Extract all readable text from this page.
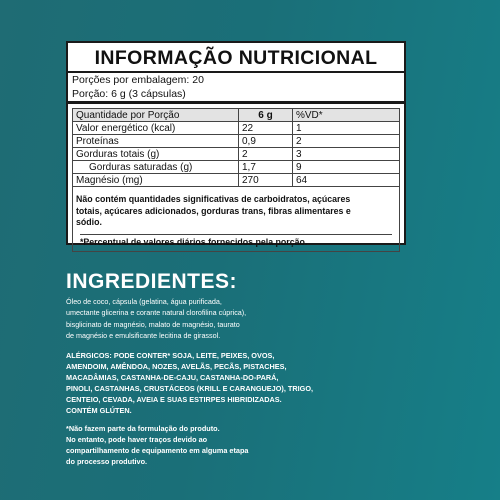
INFORMAÇÃO NUTRICIONAL
Porções por embalagem: 20
Porção: 6 g (3 cápsulas)
Quantidade por Porção	6 g	%VD*
Valor energético (kcal)	22	1
Proteínas	0,9	2
Gorduras totais (g)	2	3
Gorduras saturadas (g)	1,7	9
Magnésio (mg)	270	64
Não contém quantidades significativas de carboidratos, açúcares
totais, açúcares adicionados, gorduras trans, fibras alimentares e
sódio.
*Percentual de valores diários fornecidos pela porção.
INGREDIENTES:
Óleo de coco, cápsula (gelatina, água purificada,
umectante glicerina e corante natural clorofilina cúprica),
bisglicinato de magnésio, malato de magnésio, taurato
de magnésio e emulsificante lecitina de girassol.
ALÉRGICOS: PODE CONTER* SOJA, LEITE, PEIXES, OVOS,
AMENDOIM, AMÊNDOA, NOZES, AVELÃS, PECÃS, PISTACHES,
MACADÂMIAS, CASTANHA-DE-CAJU, CASTANHA-DO-PARÁ,
PINOLI, CASTANHAS, CRUSTÁCEOS (KRILL E CARANGUEJO), TRIGO,
CENTEIO, CEVADA, AVEIA E SUAS ESTIRPES HIBRIDIZADAS.
CONTÉM GLÚTEN.
*Não fazem parte da formulação do produto.
No entanto, pode haver traços devido ao
compartilhamento de equipamento em alguma etapa
do processo produtivo.
